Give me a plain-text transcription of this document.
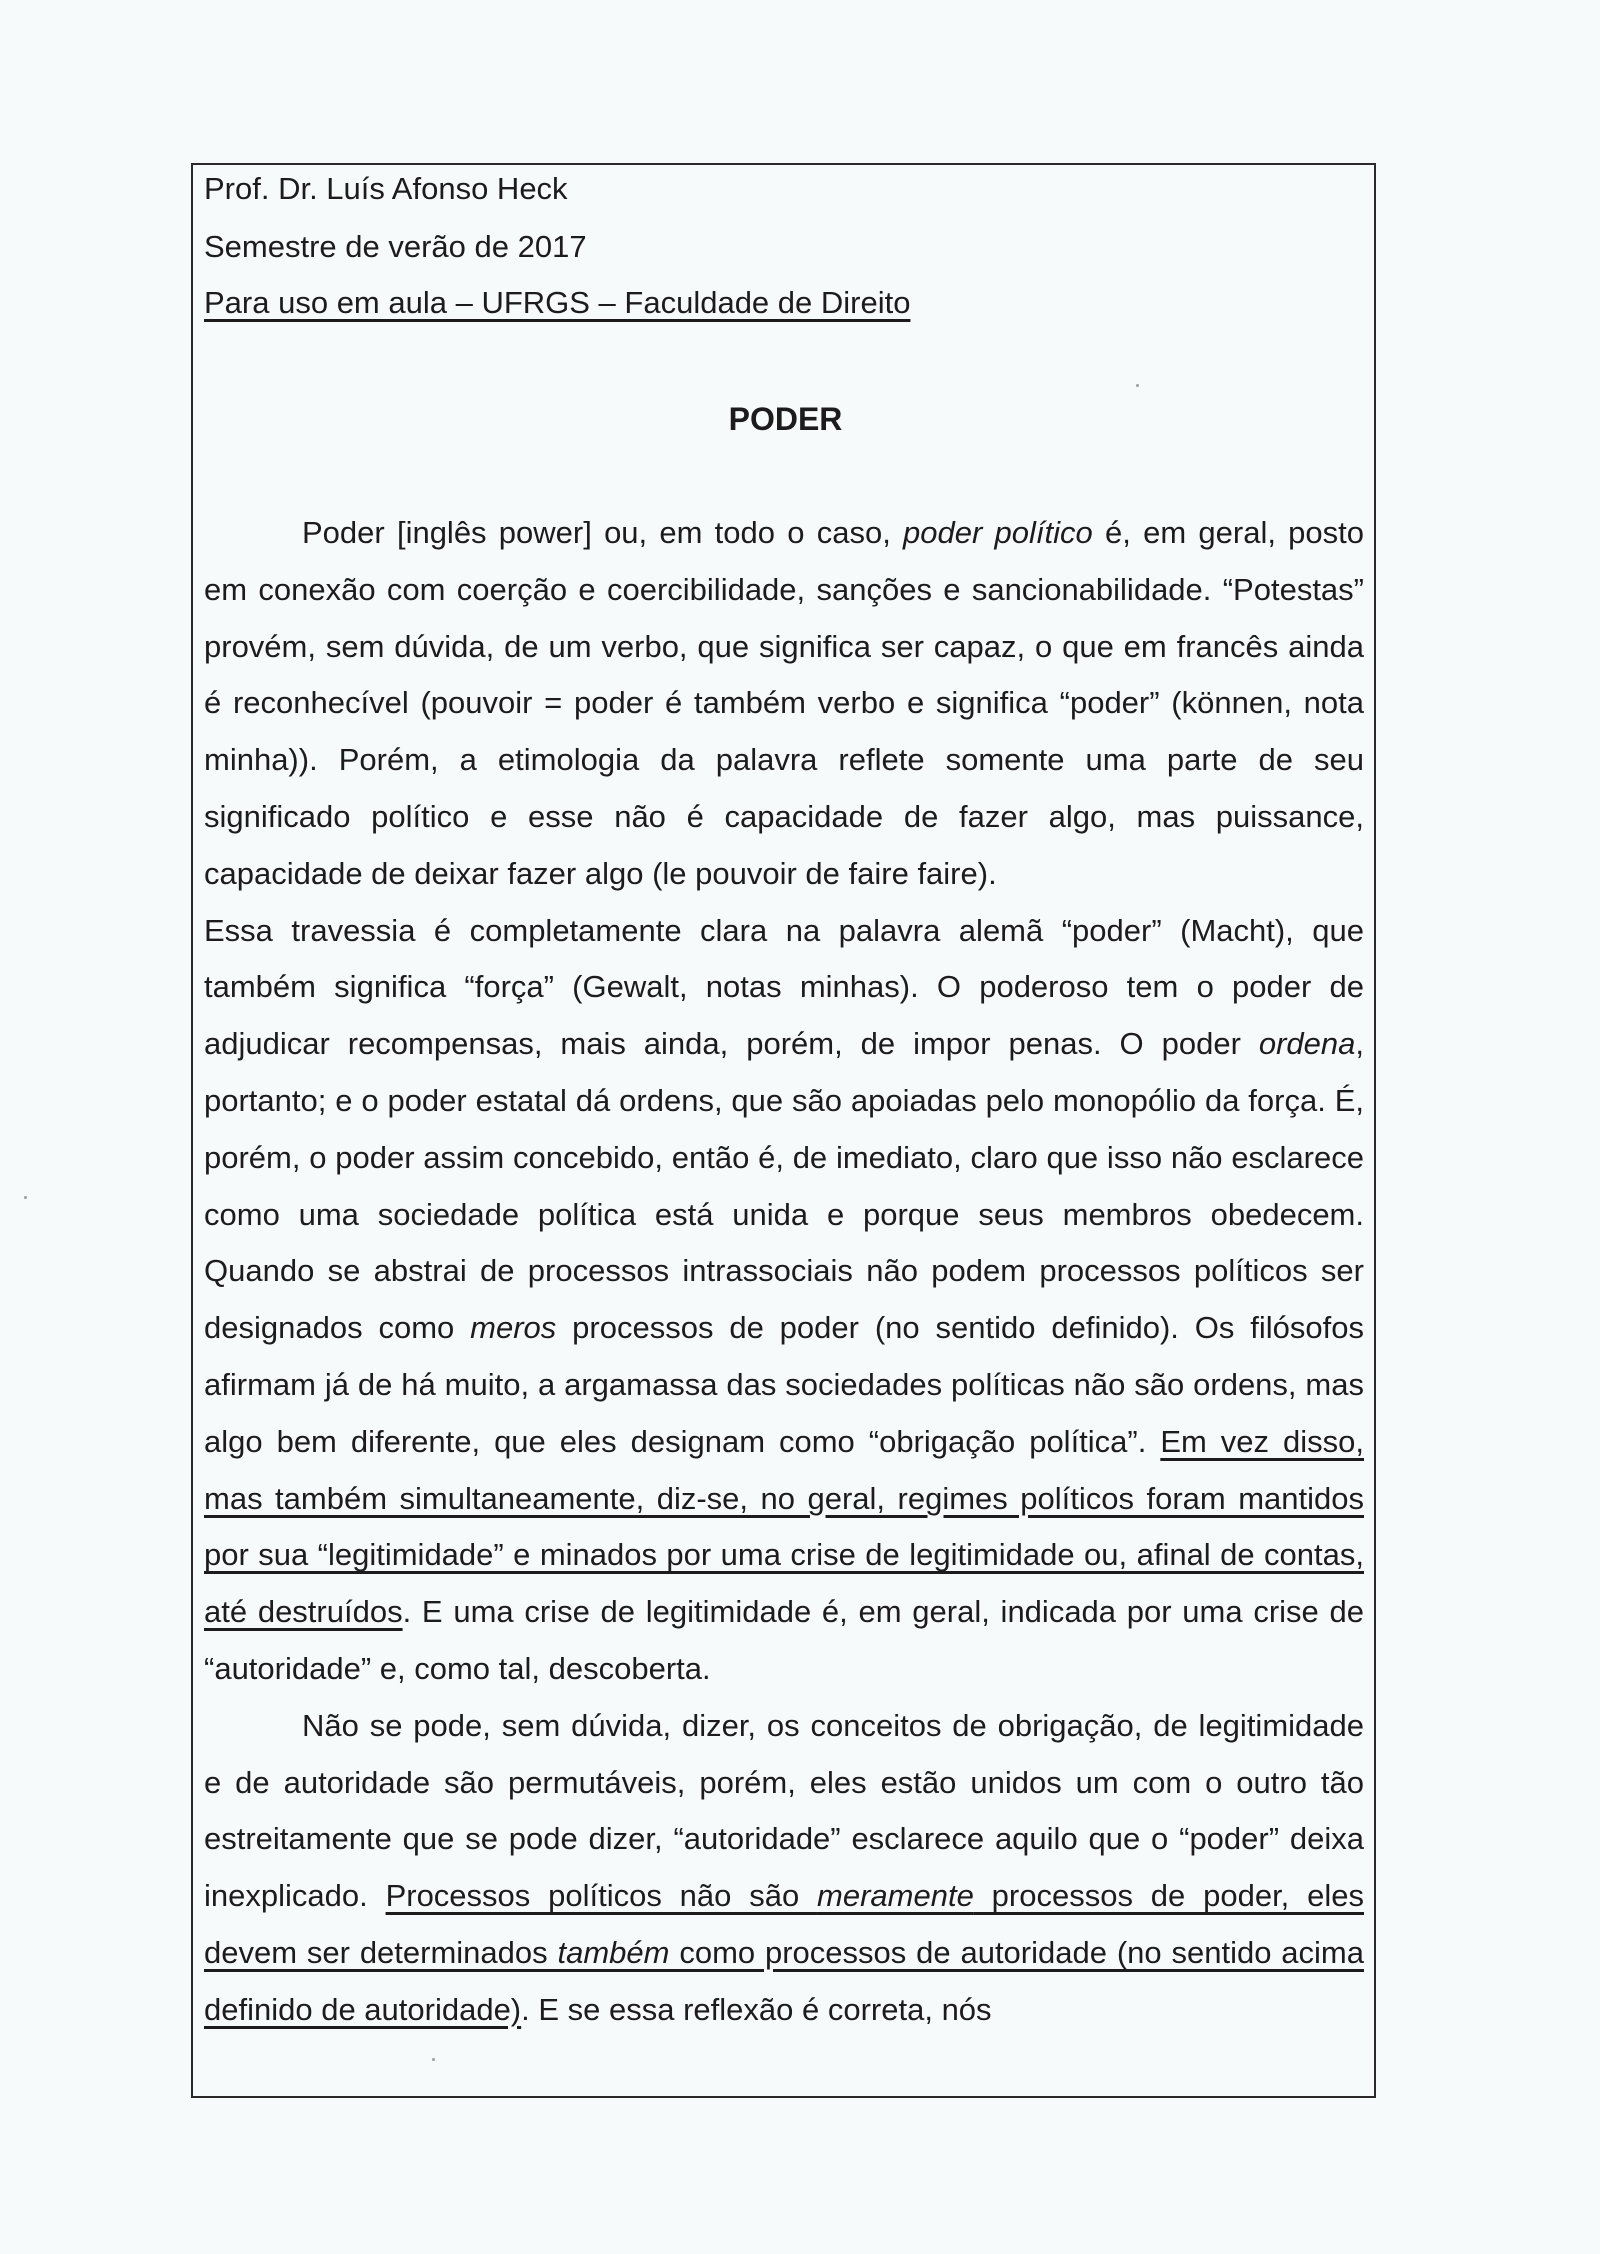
Prof. Dr. Luís Afonso Heck
Semestre de verão de 2017
Para uso em aula – UFRGS – Faculdade de Direito
PODER

Poder [inglês power] ou, em todo o caso, poder político é, em geral, posto em conexão com coerção e coercibilidade, sanções e sancionabilidade. “Potestas” provém, sem dúvida, de um verbo, que significa ser capaz, o que em francês ainda é reconhecível (pouvoir = poder é também verbo e significa “poder” (können, nota minha)). Porém, a etimologia da palavra reflete somente uma parte de seu significado político e esse não é capacidade de fazer algo, mas puissance, capacidade de deixar fazer algo (le pouvoir de faire faire).

Essa travessia é completamente clara na palavra alemã “poder” (Macht), que também significa “força” (Gewalt, notas minhas). O poderoso tem o poder de adjudicar recompensas, mais ainda, porém, de impor penas. O poder ordena, portanto; e o poder estatal dá ordens, que são apoiadas pelo monopólio da força. É, porém, o poder assim concebido, então é, de imediato, claro que isso não esclarece como uma sociedade política está unida e porque seus membros obedecem. Quando se abstrai de processos intrassociais não podem processos políticos ser designados como meros processos de poder (no sentido definido). Os filósofos afirmam já de há muito, a argamassa das sociedades políticas não são ordens, mas algo bem diferente, que eles designam como “obrigação política”. Em vez disso, mas também simultaneamente, diz-se, no geral, regimes políticos foram mantidos por sua “legitimidade” e minados por uma crise de legitimidade ou, afinal de contas, até destruídos. E uma crise de legitimidade é, em geral, indicada por uma crise de “autoridade” e, como tal, descoberta.

Não se pode, sem dúvida, dizer, os conceitos de obrigação, de legitimidade e de autoridade são permutáveis, porém, eles estão unidos um com o outro tão estreitamente que se pode dizer, “autoridade” esclarece aquilo que o “poder” deixa inexplicado. Processos políticos não são meramente processos de poder, eles devem ser determinados também como processos de autoridade (no sentido acima definido de autoridade). E se essa reflexão é correta, nós
